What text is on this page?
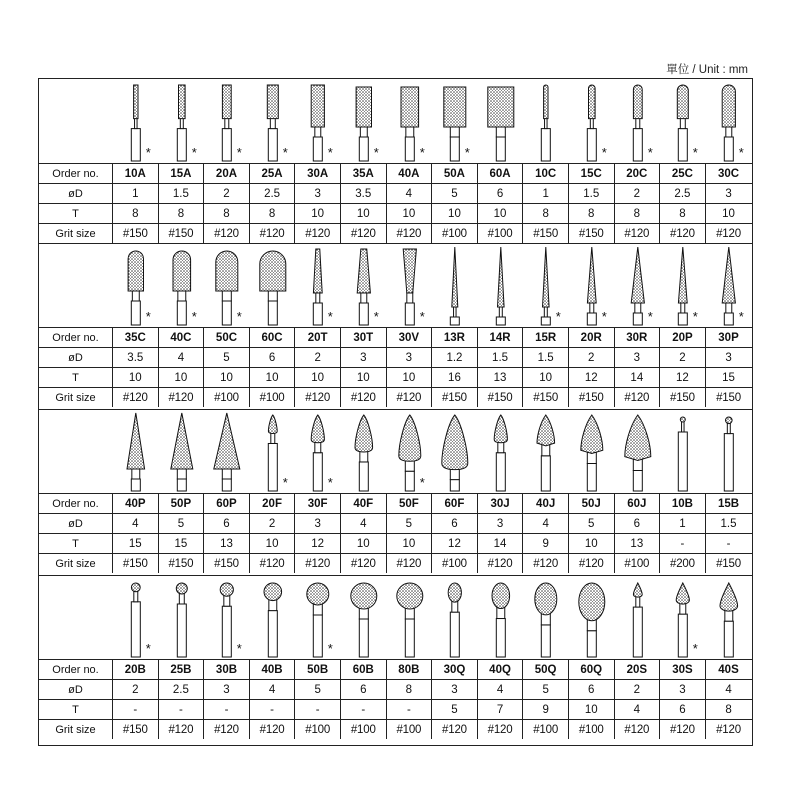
單位 / Unit : mm
*	*	*	*	*	*	*	*	*	*	*	*
Order no.	10A	15A	20A	25A	30A	35A	40A	50A	60A	10C	15C	20C	25C	30C
øD	1	1.5	2	2.5	3	3.5	4	5	6	1	1.5	2	2.5	3
T	8	8	8	8	10	10	10	10	10	8	8	8	8	10
Grit size	#150	#150	#120	#120	#120	#120	#120	#100	#100	#150	#150	#120	#120	#120
*	*	*	*	*	*	*	*	*	*	*
Order no.	35C	40C	50C	60C	20T	30T	30V	13R	14R	15R	20R	30R	20P	30P
øD	3.5	4	5	6	2	3	3	1.2	1.5	1.5	2	3	2	3
T	10	10	10	10	10	10	10	16	13	10	12	14	12	15
Grit size	#120	#120	#100	#100	#120	#120	#120	#150	#150	#150	#150	#120	#150	#150
*	*	*
Order no.	40P	50P	60P	20F	30F	40F	50F	60F	30J	40J	50J	60J	10B	15B
øD	4	5	6	2	3	4	5	6	3	4	5	6	1	1.5
T	15	15	13	10	12	10	10	12	14	9	10	13	-	-
Grit size	#150	#150	#150	#120	#120	#120	#120	#100	#120	#120	#120	#100	#200	#150
*	*	*	*
Order no.	20B	25B	30B	40B	50B	60B	80B	30Q	40Q	50Q	60Q	20S	30S	40S
øD	2	2.5	3	4	5	6	8	3	4	5	6	2	3	4
T	-	-	-	-	-	-	-	5	7	9	10	4	6	8
Grit size	#150	#120	#120	#120	#100	#100	#100	#120	#120	#100	#100	#120	#120	#120
